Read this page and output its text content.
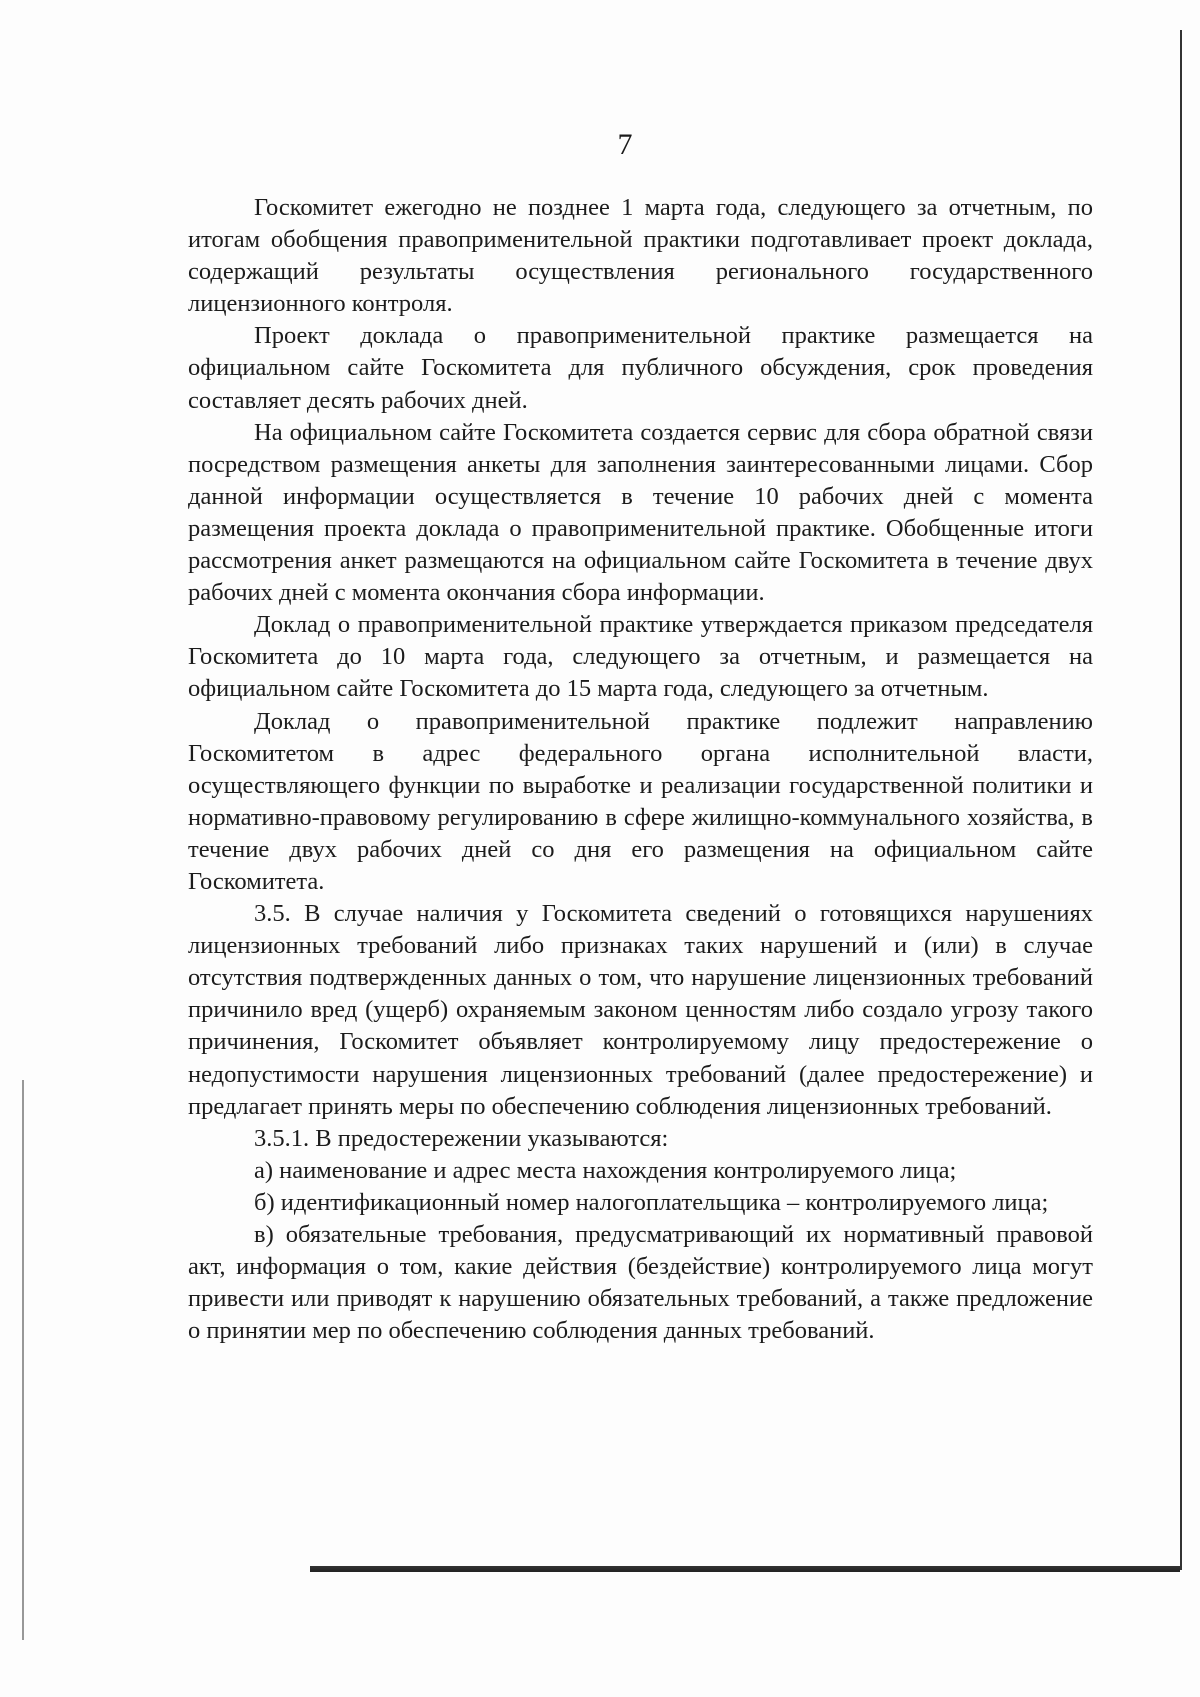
7

Госкомитет ежегодно не позднее 1 марта года, следующего за отчетным, по итогам обобщения правоприменительной практики подготавливает проект доклада, содержащий результаты осуществления регионального государственного лицензионного контроля.

Проект доклада о правоприменительной практике размещается на официальном сайте Госкомитета для публичного обсуждения, срок проведения составляет десять рабочих дней.

На официальном сайте Госкомитета создается сервис для сбора обратной связи посредством размещения анкеты для заполнения заинтересованными лицами. Сбор данной информации осуществляется в течение 10 рабочих дней с момента размещения проекта доклада о правоприменительной практике. Обобщенные итоги рассмотрения анкет размещаются на официальном сайте Госкомитета в течение двух рабочих дней с момента окончания сбора информации.

Доклад о правоприменительной практике утверждается приказом председателя Госкомитета до 10 марта года, следующего за отчетным, и размещается на официальном сайте Госкомитета до 15 марта года, следующего за отчетным.

Доклад о правоприменительной практике подлежит направлению Госкомитетом в адрес федерального органа исполнительной власти, осуществляющего функции по выработке и реализации государственной политики и нормативно-правовому регулированию в сфере жилищно-коммунального хозяйства, в течение двух рабочих дней со дня его размещения на официальном сайте Госкомитета.

3.5. В случае наличия у Госкомитета сведений о готовящихся нарушениях лицензионных требований либо признаках таких нарушений и (или) в случае отсутствия подтвержденных данных о том, что нарушение лицензионных требований причинило вред (ущерб) охраняемым законом ценностям либо создало угрозу такого причинения, Госкомитет объявляет контролируемому лицу предостережение о недопустимости нарушения лицензионных требований (далее предостережение) и предлагает принять меры по обеспечению соблюдения лицензионных требований.

3.5.1. В предостережении указываются:

а) наименование и адрес места нахождения контролируемого лица;

б) идентификационный номер налогоплательщика – контролируемого лица;

в) обязательные требования, предусматривающий их нормативный правовой акт, информация о том, какие действия (бездействие) контролируемого лица могут привести или приводят к нарушению обязательных требований, а также предложение о принятии мер по обеспечению соблюдения данных требований.
